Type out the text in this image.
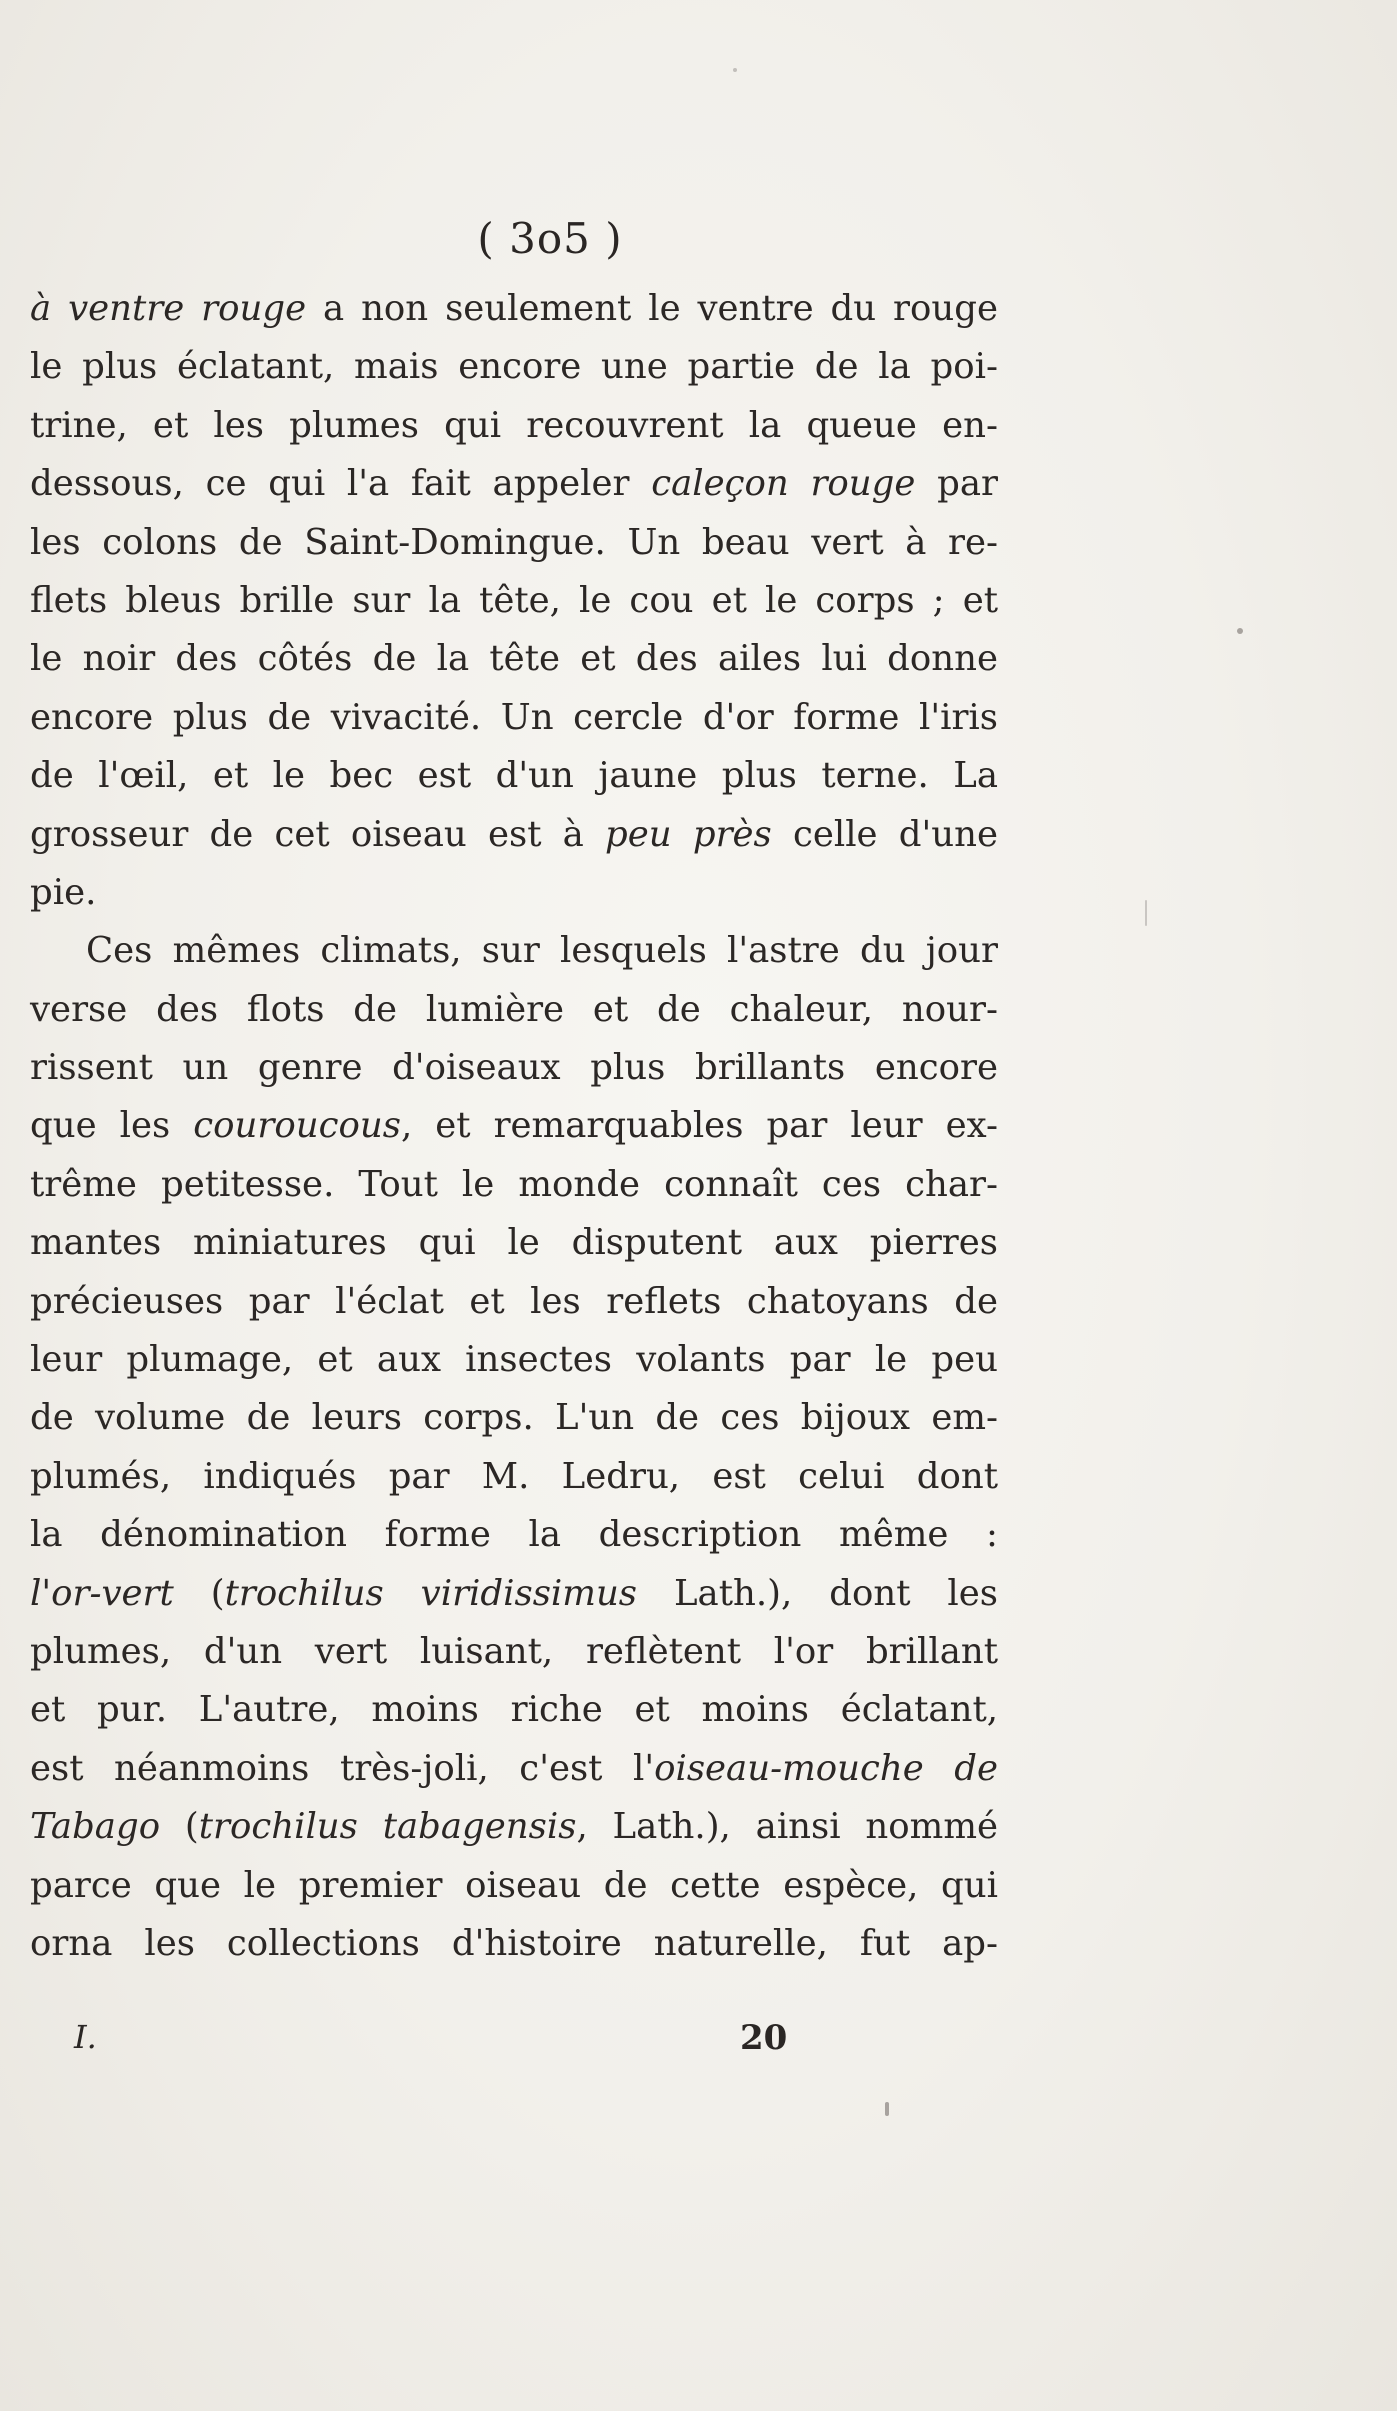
( 3o5 )
à ventre rouge a non seulement le ventre du rouge
le plus éclatant, mais encore une partie de la poi-
trine, et les plumes qui recouvrent la queue en-
dessous, ce qui l'a fait appeler caleçon rouge par
les colons de Saint-Domingue. Un beau vert à re-
flets bleus brille sur la tête, le cou et le corps ; et
le noir des côtés de la tête et des ailes lui donne
encore plus de vivacité. Un cercle d'or forme l'iris
de l'œil, et le bec est d'un jaune plus terne. La
grosseur de cet oiseau est à peu près celle d'une
pie.
Ces mêmes climats, sur lesquels l'astre du jour
verse des flots de lumière et de chaleur, nour-
rissent un genre d'oiseaux plus brillants encore
que les couroucous, et remarquables par leur ex-
trême petitesse. Tout le monde connaît ces char-
mantes miniatures qui le disputent aux pierres
précieuses par l'éclat et les reflets chatoyans de
leur plumage, et aux insectes volants par le peu
de volume de leurs corps. L'un de ces bijoux em-
plumés, indiqués par M. Ledru, est celui dont
la dénomination forme la description même :
l'or-vert (trochilus viridissimus Lath.), dont les
plumes, d'un vert luisant, reflètent l'or brillant
et pur. L'autre, moins riche et moins éclatant,
est néanmoins très-joli, c'est l'oiseau-mouche de
Tabago (trochilus tabagensis, Lath.), ainsi nommé
parce que le premier oiseau de cette espèce, qui
orna les collections d'histoire naturelle, fut ap-
I.	20
